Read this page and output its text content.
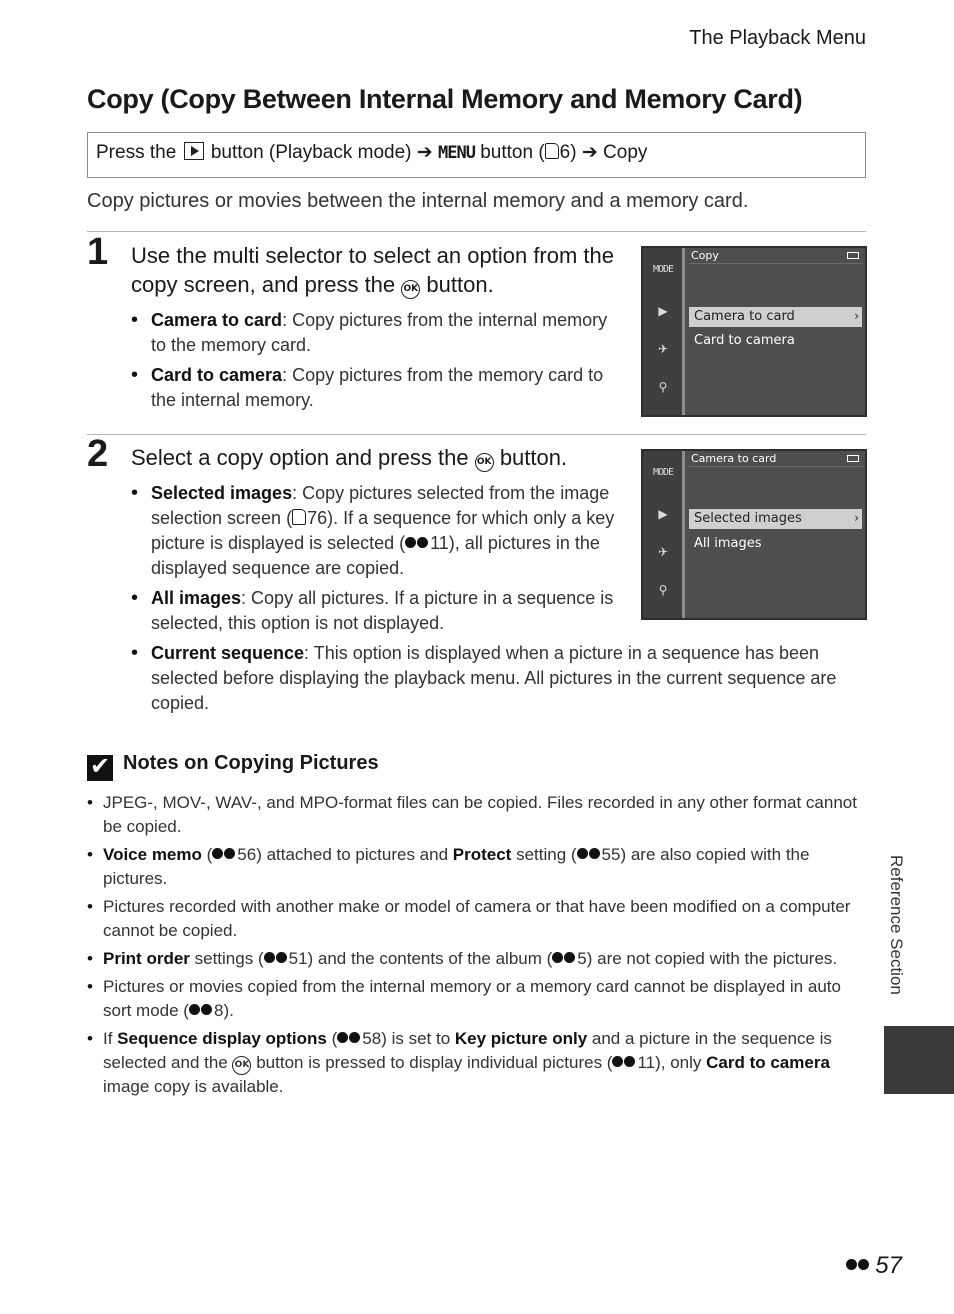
The Playback Menu
Copy (Copy Between Internal Memory and Memory Card)
Press the button (Playback mode) ➔ MENU button ( 6) ➔ Copy
Copy pictures or movies between the internal memory and a memory card.
1 Use the multi selector to select an option from the copy screen, and press the OK button.
• Camera to card: Copy pictures from the internal memory to the memory card.
• Card to camera: Copy pictures from the memory card to the internal memory.
MODE
▶
✈
⚲
Copy
Camera to card ›
Card to camera
2 Select a copy option and press the OK button.
• Selected images: Copy pictures selected from the image selection screen ( 76). If a sequence for which only a key picture is displayed is selected ( 11), all pictures in the displayed sequence are copied.
• All images: Copy all pictures. If a picture in a sequence is selected, this option is not displayed.
• Current sequence: This option is displayed when a picture in a sequence has been selected before displaying the playback menu. All pictures in the current sequence are copied.
MODE
▶
✈
⚲
Camera to card
Selected images ›
All images
✔ Notes on Copying Pictures
• JPEG-, MOV-, WAV-, and MPO-format files can be copied. Files recorded in any other format cannot be copied.
• Voice memo ( 56) attached to pictures and Protect setting ( 55) are also copied with the pictures.
• Pictures recorded with another make or model of camera or that have been modified on a computer cannot be copied.
• Print order settings ( 51) and the contents of the album ( 5) are not copied with the pictures.
• Pictures or movies copied from the internal memory or a memory card cannot be displayed in auto sort mode ( 8).
• If Sequence display options ( 58) is set to Key picture only and a picture in the sequence is selected and the OK button is pressed to display individual pictures ( 11), only Card to camera image copy is available.
Reference Section
57
